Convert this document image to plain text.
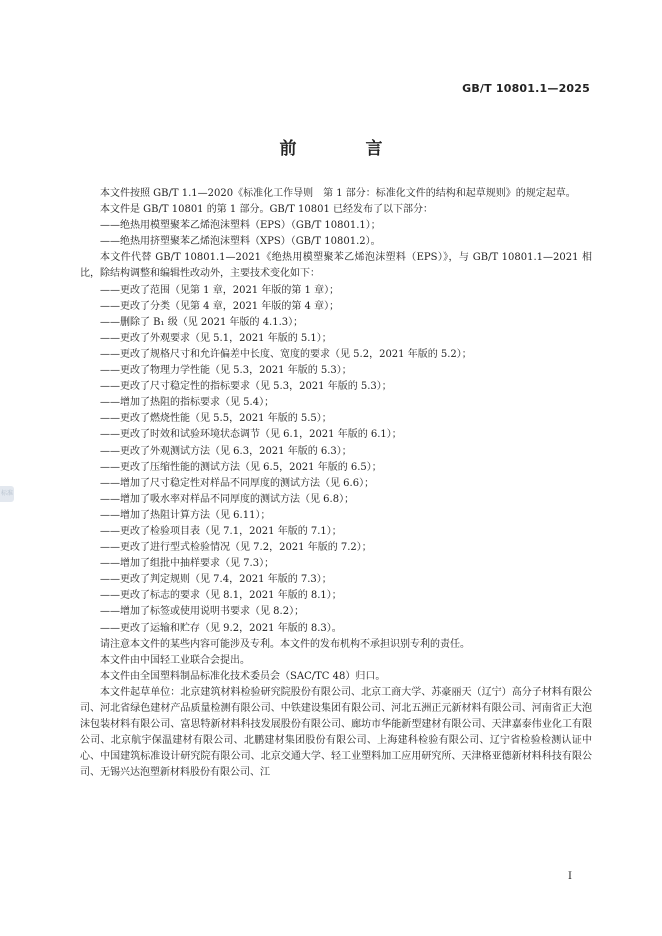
GB/T 10801.1—2025
前　言

本文件按照 GB/T 1.1—2020《标准化工作导则　第 1 部分：标准化文件的结构和起草规则》的规定起草。

本文件是 GB/T 10801 的第 1 部分。GB/T 10801 已经发布了以下部分：

——绝热用模塑聚苯乙烯泡沫塑料（EPS）（GB/T 10801.1）；

——绝热用挤塑聚苯乙烯泡沫塑料（XPS）（GB/T 10801.2）。

本文件代替 GB/T 10801.1—2021《绝热用模塑聚苯乙烯泡沫塑料（EPS）》，与 GB/T 10801.1—2021 相比，除结构调整和编辑性改动外，主要技术变化如下：

——更改了范围（见第 1 章，2021 年版的第 1 章）；

——更改了分类（见第 4 章，2021 年版的第 4 章）；

——删除了 B₁ 级（见 2021 年版的 4.1.3）；

——更改了外观要求（见 5.1，2021 年版的 5.1）；

——更改了规格尺寸和允许偏差中长度、宽度的要求（见 5.2，2021 年版的 5.2）；

——更改了物理力学性能（见 5.3，2021 年版的 5.3）；

——更改了尺寸稳定性的指标要求（见 5.3，2021 年版的 5.3）；

——增加了热阻的指标要求（见 5.4）；

——更改了燃烧性能（见 5.5，2021 年版的 5.5）；

——更改了时效和试验环境状态调节（见 6.1，2021 年版的 6.1）；

——更改了外观测试方法（见 6.3，2021 年版的 6.3）；

——更改了压缩性能的测试方法（见 6.5，2021 年版的 6.5）；

——增加了尺寸稳定性对样品不同厚度的测试方法（见 6.6）；

——增加了吸水率对样品不同厚度的测试方法（见 6.8）；

——增加了热阻计算方法（见 6.11）；

——更改了检验项目表（见 7.1，2021 年版的 7.1）；

——更改了进行型式检验情况（见 7.2，2021 年版的 7.2）；

——增加了组批中抽样要求（见 7.3）；

——更改了判定规则（见 7.4，2021 年版的 7.3）；

——更改了标志的要求（见 8.1，2021 年版的 8.1）；

——增加了标签或使用说明书要求（见 8.2）；

——更改了运输和贮存（见 9.2，2021 年版的 8.3）。

请注意本文件的某些内容可能涉及专利。本文件的发布机构不承担识别专利的责任。

本文件由中国轻工业联合会提出。

本文件由全国塑料制品标准化技术委员会（SAC/TC 48）归口。

本文件起草单位：北京建筑材料检验研究院股份有限公司、北京工商大学、苏豪丽天（辽宁）高分子材料有限公司、河北省绿色建材产品质量检测有限公司、中铁建设集团有限公司、河北五洲正元新材料有限公司、河南省正大泡沫包装材料有限公司、富思特新材料科技发展股份有限公司、廊坊市华能新型建材有限公司、天津嘉泰伟业化工有限公司、北京航宇保温建材有限公司、北鹏建材集团股份有限公司、上海建科检验有限公司、辽宁省检验检测认证中心、中国建筑标准设计研究院有限公司、北京交通大学、轻工业塑料加工应用研究所、天津格亚德新材料科技有限公司、无锡兴达泡塑新材料股份有限公司、江

标准
I
